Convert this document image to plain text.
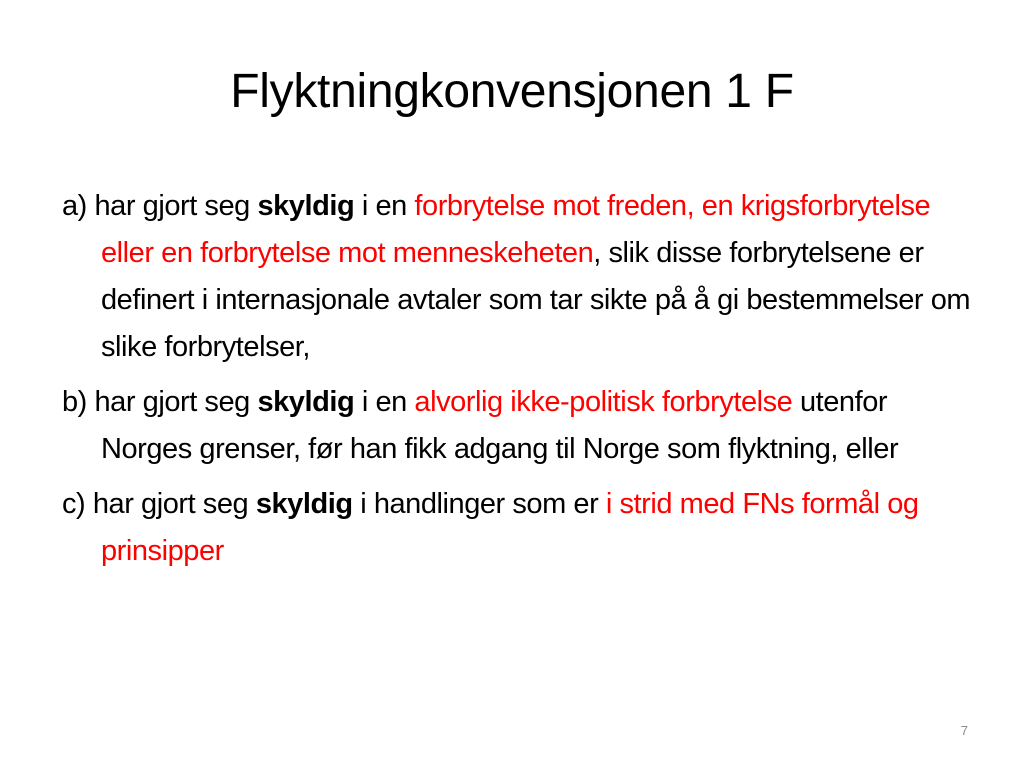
Flyktningkonvensjonen 1 F

a) har gjort seg skyldig i en forbrytelse mot freden, en krigsforbrytelse eller en forbrytelse mot menneskeheten, slik disse forbrytelsene er definert i internasjonale avtaler som tar sikte på å gi bestemmelser om slike forbrytelser,

b) har gjort seg skyldig i en alvorlig ikke-politisk forbrytelse utenfor Norges grenser, før han fikk adgang til Norge som flyktning, eller

c) har gjort seg skyldig i handlinger som er i strid med FNs formål og prinsipper

7
